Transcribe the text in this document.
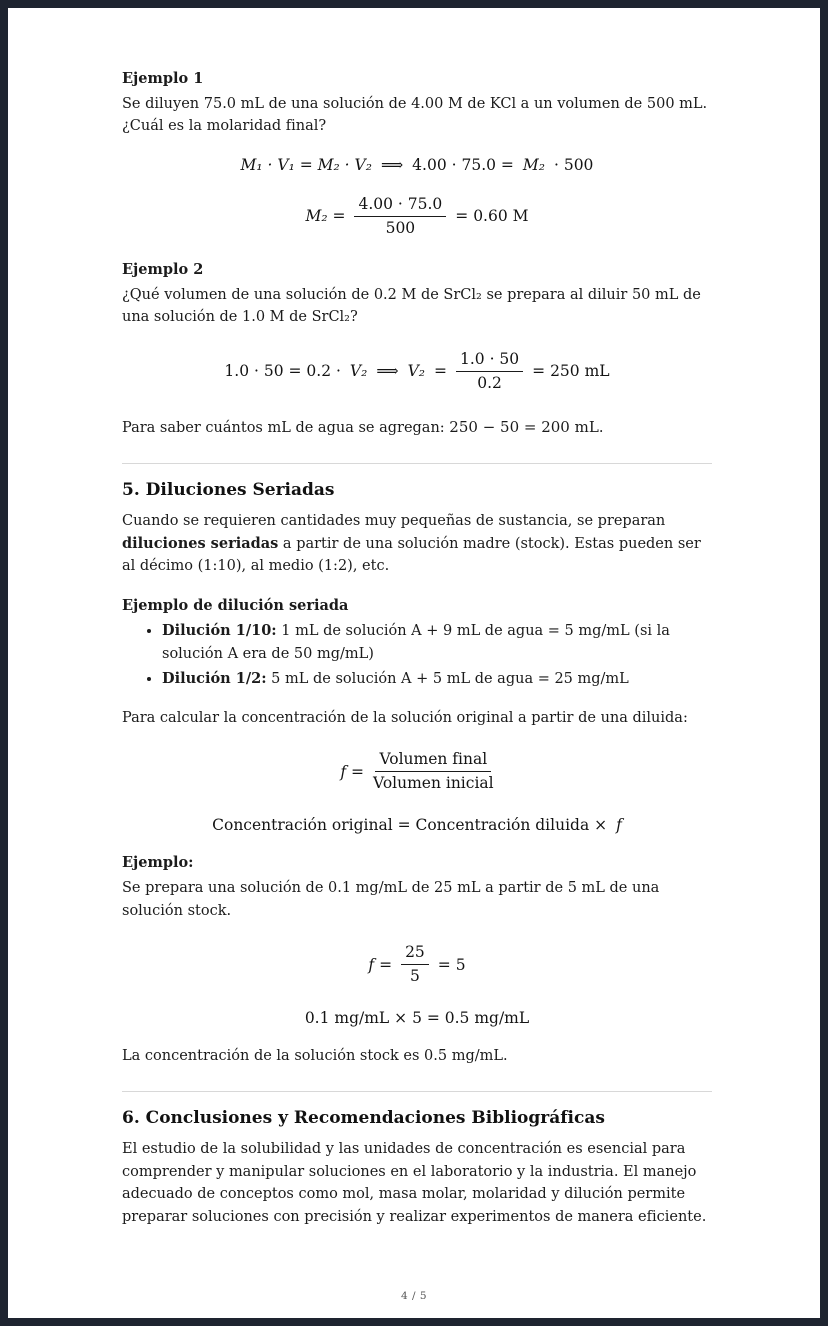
Ejemplo 1

Se diluyen 75.0 mL de una solución de 4.00 M de KCl a un volumen de 500 mL. ¿Cuál es la molaridad final?

M₁ · V₁ = M₂ · V₂ ⟹ 4.00 · 75.0 = M₂ · 500
$M_2 = \frac{4.00 \cdot 75.0}{500} = 0.60$ M
Ejemplo 2

¿Qué volumen de una solución de 0.2 M de SrCl₂ se prepara al diluir 50 mL de una solución de 1.0 M de SrCl₂?

1.0 · 50 = 0.2 · V₂ ⟹ $V_2 = \frac{1.0 \cdot 50}{0.2} = 250$ mL

Para saber cuántos mL de agua se agregan: 250 − 50 = 200 mL.

5. Diluciones Seriadas

Cuando se requieren cantidades muy pequeñas de sustancia, se preparan diluciones seriadas a partir de una solución madre (stock). Estas pueden ser al décimo (1:10), al medio (1:2), etc.

Ejemplo de dilución seriada
• Dilución 1/10: 1 mL de solución A + 9 mL de agua = 5 mg/mL (si la solución A era de 50 mg/mL)
• Dilución 1/2: 5 mL de solución A + 5 mL de agua = 25 mg/mL

Para calcular la concentración de la solución original a partir de una diluida:

$f = \frac{\text{Volumen final}}{\text{Volumen inicial}}$
Concentración original = Concentración diluida × f
Ejemplo:

Se prepara una solución de 0.1 mg/mL de 25 mL a partir de 5 mL de una solución stock.

$f = \frac{25}{5} = 5$
0.1 mg/mL × 5 = 0.5 mg/mL

La concentración de la solución stock es 0.5 mg/mL.

6. Conclusiones y Recomendaciones Bibliográficas

El estudio de la solubilidad y las unidades de concentración es esencial para comprender y manipular soluciones en el laboratorio y la industria. El manejo adecuado de conceptos como mol, masa molar, molaridad y dilución permite preparar soluciones con precisión y realizar experimentos de manera eficiente.

4 / 5
